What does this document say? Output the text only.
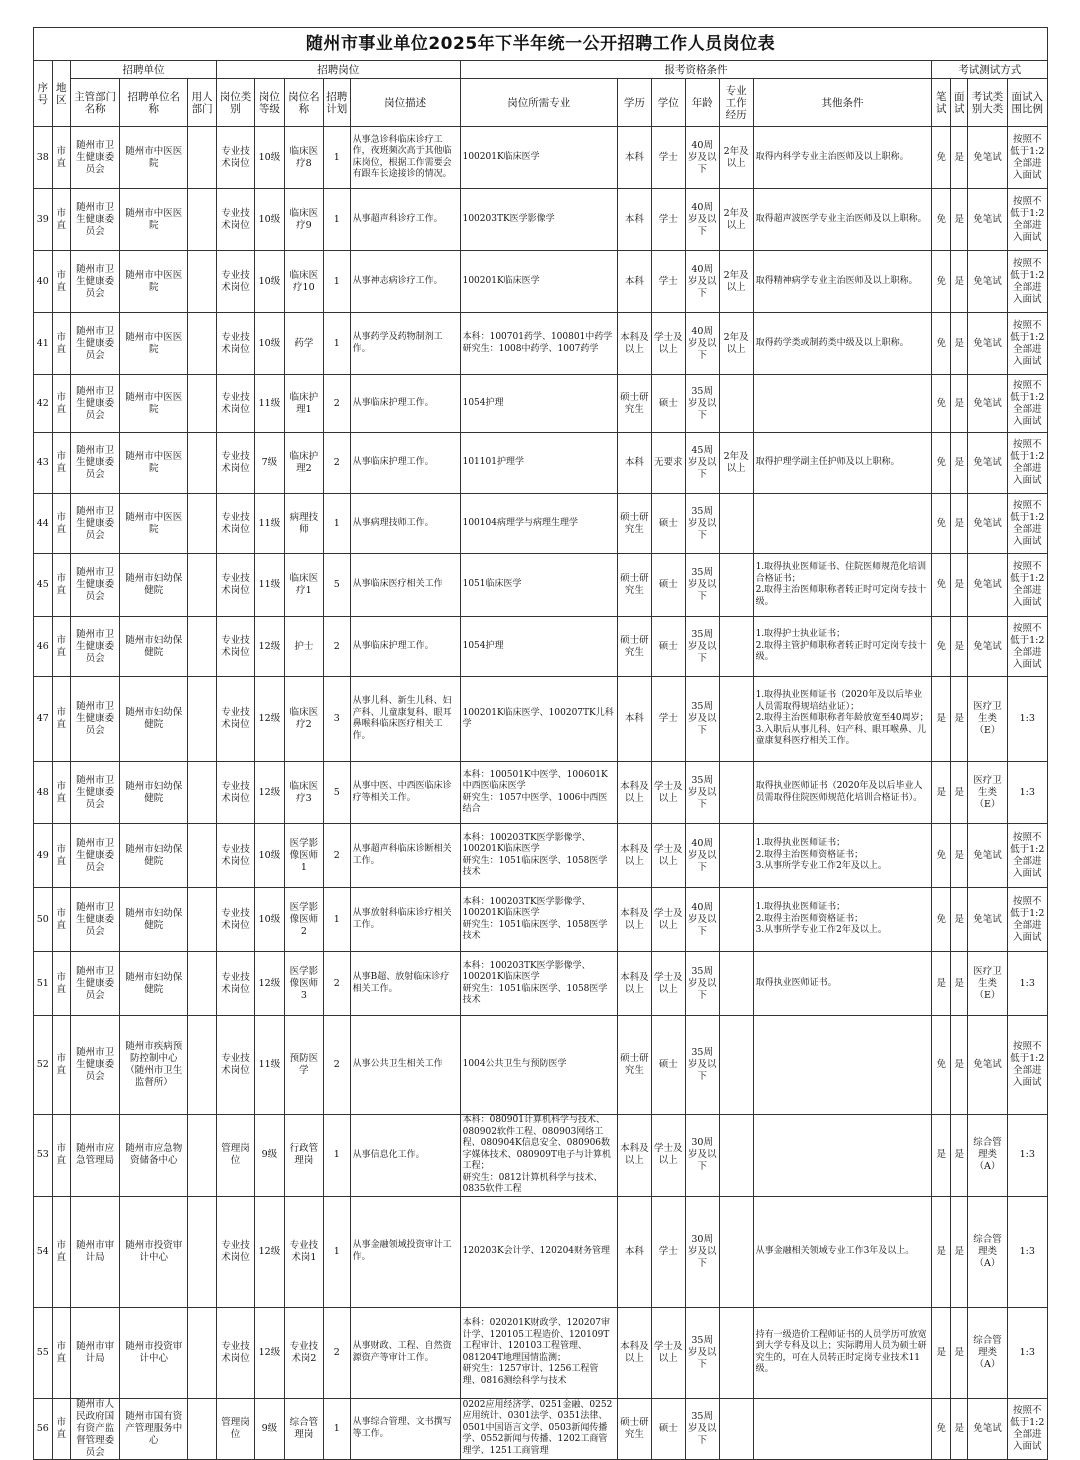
随州市事业单位2025年下半年统一公开招聘工作人员岗位表																			
序号	地区	招聘单位			招聘岗位					报考资格条件						考试测试方式			
		主管部门名称	招聘单位名称	用人部门	岗位类别	岗位等级	岗位名称	招聘计划	岗位描述	岗位所需专业	学历	学位	年龄	专业工作经历	其他条件	笔试	面试	考试类别大类	面试入围比例
38	市直	随州市卫生健康委员会	随州市中医医院		专业技术岗位	10级	临床医疗8	1	从事急诊科临床诊疗工作，夜班频次高于其他临床岗位，根据工作需要会有跟车长途接诊的情况。	100201K临床医学	本科	学士	40周岁及以下	2年及以上	取得内科学专业主治医师及以上职称。	免	是	免笔试	按照不低于1:2全部进入面试
39	市直	随州市卫生健康委员会	随州市中医医院		专业技术岗位	10级	临床医疗9	1	从事超声科诊疗工作。	100203TK医学影像学	本科	学士	40周岁及以下	2年及以上	取得超声波医学专业主治医师及以上职称。	免	是	免笔试	按照不低于1:2全部进入面试
40	市直	随州市卫生健康委员会	随州市中医医院		专业技术岗位	10级	临床医疗10	1	从事神志病诊疗工作。	100201K临床医学	本科	学士	40周岁及以下	2年及以上	取得精神病学专业主治医师及以上职称。	免	是	免笔试	按照不低于1:2全部进入面试
41	市直	随州市卫生健康委员会	随州市中医医院		专业技术岗位	10级	药学	1	从事药学及药物制剂工作。	本科：100701药学、100801中药学
研究生：1008中药学、1007药学	本科及以上	学士及以上	40周岁及以下	2年及以上	取得药学类或制药类中级及以上职称。	免	是	免笔试	按照不低于1:2全部进入面试
42	市直	随州市卫生健康委员会	随州市中医医院		专业技术岗位	11级	临床护理1	2	从事临床护理工作。	1054护理	硕士研究生	硕士	35周岁及以下			免	是	免笔试	按照不低于1:2全部进入面试
43	市直	随州市卫生健康委员会	随州市中医医院		专业技术岗位	7级	临床护理2	2	从事临床护理工作。	101101护理学	本科	无要求	45周岁及以下	2年及以上	取得护理学副主任护师及以上职称。	免	是	免笔试	按照不低于1:2全部进入面试
44	市直	随州市卫生健康委员会	随州市中医医院		专业技术岗位	11级	病理技师	1	从事病理技师工作。	100104病理学与病理生理学	硕士研究生	硕士	35周岁及以下			免	是	免笔试	按照不低于1:2全部进入面试
45	市直	随州市卫生健康委员会	随州市妇幼保健院		专业技术岗位	11级	临床医疗1	5	从事临床医疗相关工作	1051临床医学	硕士研究生	硕士	35周岁及以下		1.取得执业医师证书、住院医师规范化培训合格证书；
2.取得主治医师职称者转正时可定岗专技十级。	免	是	免笔试	按照不低于1:2全部进入面试
46	市直	随州市卫生健康委员会	随州市妇幼保健院		专业技术岗位	12级	护士	2	从事临床护理工作。	1054护理	硕士研究生	硕士	35周岁及以下		1.取得护士执业证书；
2.取得主管护师职称者转正时可定岗专技十级。	免	是	免笔试	按照不低于1:2全部进入面试
47	市直	随州市卫生健康委员会	随州市妇幼保健院		专业技术岗位	12级	临床医疗2	3	从事儿科、新生儿科、妇产科、儿童康复科、眼耳鼻喉科临床医疗相关工作。	100201K临床医学、100207TK儿科学	本科	学士	35周岁及以下		1.取得执业医师证书（2020年及以后毕业人员需取得规培结业证）；
2.取得主治医师职称者年龄放宽至40周岁；
3.入职后从事儿科、妇产科、眼耳喉鼻、儿童康复科医疗相关工作。	是	是	医疗卫生类（E）	1:3
48	市直	随州市卫生健康委员会	随州市妇幼保健院		专业技术岗位	12级	临床医疗3	5	从事中医、中西医临床诊疗等相关工作。	本科：100501K中医学、100601K中西医临床医学
研究生：1057中医学、1006中西医结合	本科及以上	学士及以上	35周岁及以下		取得执业医师证书（2020年及以后毕业人员需取得住院医师规范化培训合格证书）。	是	是	医疗卫生类（E）	1:3
49	市直	随州市卫生健康委员会	随州市妇幼保健院		专业技术岗位	10级	医学影像医师1	2	从事超声科临床诊断相关工作。	本科：100203TK医学影像学、100201K临床医学
研究生：1051临床医学、1058医学技术	本科及以上	学士及以上	40周岁及以下		1.取得执业医师证书；
2.取得主治医师资格证书；
3.从事所学专业工作2年及以上。	免	是	免笔试	按照不低于1:2全部进入面试
50	市直	随州市卫生健康委员会	随州市妇幼保健院		专业技术岗位	10级	医学影像医师2	1	从事放射科临床诊疗相关工作。	本科：100203TK医学影像学、100201K临床医学
研究生：1051临床医学、1058医学技术	本科及以上	学士及以上	40周岁及以下		1.取得执业医师证书；
2.取得主治医师资格证书；
3.从事所学专业工作2年及以上。	免	是	免笔试	按照不低于1:2全部进入面试
51	市直	随州市卫生健康委员会	随州市妇幼保健院		专业技术岗位	12级	医学影像医师3	2	从事B超、放射临床诊疗相关工作。	本科：100203TK医学影像学、100201K临床医学
研究生：1051临床医学、1058医学技术	本科及以上	学士及以上	35周岁及以下		取得执业医师证书。	是	是	医疗卫生类（E）	1:3
52	市直	随州市卫生健康委员会	随州市疾病预防控制中心（随州市卫生监督所）		专业技术岗位	11级	预防医学	2	从事公共卫生相关工作	1004公共卫生与预防医学	硕士研究生	硕士	35周岁及以下			免	是	免笔试	按照不低于1:2全部进入面试
53	市直	随州市应急管理局	随州市应急物资储备中心		管理岗位	9级	行政管理岗	1	从事信息化工作。	本科：080901计算机科学与技术、080902软件工程、080903网络工程、080904K信息安全、080906数字媒体技术、080909T电子与计算机工程；
研究生：0812计算机科学与技术、0835软件工程	本科及以上	学士及以上	30周岁及以下			是	是	综合管理类（A）	1:3
54	市直	随州市审计局	随州市投资审计中心		专业技术岗位	12级	专业技术岗1	1	从事金融领域投资审计工作。	120203K会计学、120204财务管理	本科	学士	30周岁及以下		从事金融相关领域专业工作3年及以上。	是	是	综合管理类（A）	1:3
55	市直	随州市审计局	随州市投资审计中心		专业技术岗位	12级	专业技术岗2	2	从事财政、工程、自然资源资产等审计工作。	本科：020201K财政学、120207审计学、120105工程造价、120109T工程审计、120103工程管理、081204T地理国情监测；
研究生：1257审计、1256工程管理、0816测绘科学与技术	本科及以上	学士及以上	35周岁及以下		持有一级造价工程师证书的人员学历可放宽到大学专科及以上；实际聘用人员为硕士研究生的，可在人员转正时定岗专业技术11级。	是	是	综合管理类（A）	1:3
56	市直	随州市人民政府国有资产监督管理委员会	随州市国有资产管理服务中心		管理岗位	9级	综合管理岗	1	从事综合管理、文书撰写等工作。	0202应用经济学、0251金融、0252应用统计、0301法学、0351法律、0501中国语言文学、0503新闻传播学、0552新闻与传播、1202工商管理学、1251工商管理	硕士研究生	硕士	35周岁及以下			免	是	免笔试	按照不低于1:2全部进入面试
